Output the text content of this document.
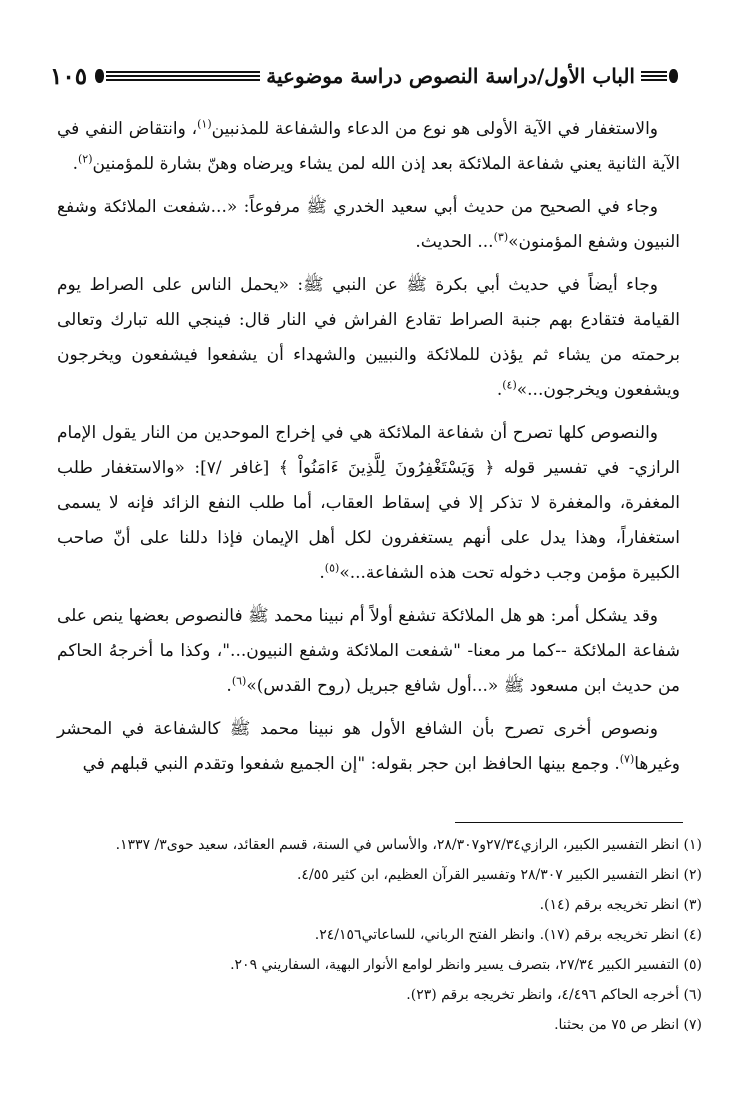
١٠٥	الباب الأول/دراسة النصوص دراسة موضوعية

والاستغفار في الآية الأولى هو نوع من الدعاء والشفاعة للمذنبين$^{(١)}$، وانتقاض النفي في الآية الثانية يعني شفاعة الملائكة بعد إذن الله لمن يشاء ويرضاه وهنّ بشارة للمؤمنين$^{(٢)}$.

وجاء في الصحيح من حديث أبي سعيد الخدري ﷺ مرفوعاً: «...شفعت الملائكة وشفع النبيون وشفع المؤمنون»$^{(٣)}$... الحديث.

وجاء أيضاً في حديث أبي بكرة ﷺ عن النبي ﷺ: «يحمل الناس على الصراط يوم القيامة فتقادع بهم جنبة الصراط تقادع الفراش في النار قال: فينجي الله تبارك وتعالى برحمته من يشاء ثم يؤذن للملائكة والنبيين والشهداء أن يشفعوا فيشفعون ويخرجون ويشفعون ويخرجون...»$^{(٤)}$.

والنصوص كلها تصرح أن شفاعة الملائكة هي في إخراج الموحدين من النار يقول الإمام الرازي- في تفسير قوله ﴿ وَيَسْتَغْفِرُونَ لِلَّذِينَ ءَامَنُواْ ﴾ [غافر /٧]: «والاستغفار طلب المغفرة، والمغفرة لا تذكر إلا في إسقاط العقاب، أما طلب النفع الزائد فإنه لا يسمى استغفاراً، وهذا يدل على أنهم يستغفرون لكل أهل الإيمان فإذا دللنا على أنّ صاحب الكبيرة مؤمن وجب دخوله تحت هذه الشفاعة...»$^{(٥)}$.

وقد يشكل أمر: هو هل الملائكة تشفع أولاً أم نبينا محمد ﷺ فالنصوص بعضها ينص على شفاعة الملائكة --كما مر معنا- "شفعت الملائكة وشفع النبيون..."، وكذا ما أخرجهُ الحاكم من حديث ابن مسعود ﷺ «...أول شافع جبريل (روح القدس)»$^{(٦)}$.

ونصوص أخرى تصرح بأن الشافع الأول هو نبينا محمد ﷺ كالشفاعة في المحشر وغيرها$^{(٧)}$. وجمع بينها الحافظ ابن حجر بقوله: "إن الجميع شفعوا وتقدم النبي قبلهم في

(١) انظر التفسير الكبير، الرازي٢٧/٣٤و٢٨/٣٠٧، والأساس في السنة، قسم العقائد، سعيد حوى٣/ ١٣٣٧.

(٢) انظر التفسير الكبير ٢٨/٣٠٧ وتفسير القرآن العظيم، ابن كثير ٤/٥٥.

(٣) انظر تخريجه برقم (١٤).

(٤) انظر تخريجه برقم (١٧). وانظر الفتح الرباني، للساعاتي٢٤/١٥٦.

(٥) التفسير الكبير ٢٧/٣٤، بتصرف يسير وانظر لوامع الأنوار البهية، السفاريني ٢٠٩.

(٦) أخرجه الحاكم ٤/٤٩٦، وانظر تخريجه برقم (٢٣).

(٧) انظر ص ٧٥ من بحثنا.
